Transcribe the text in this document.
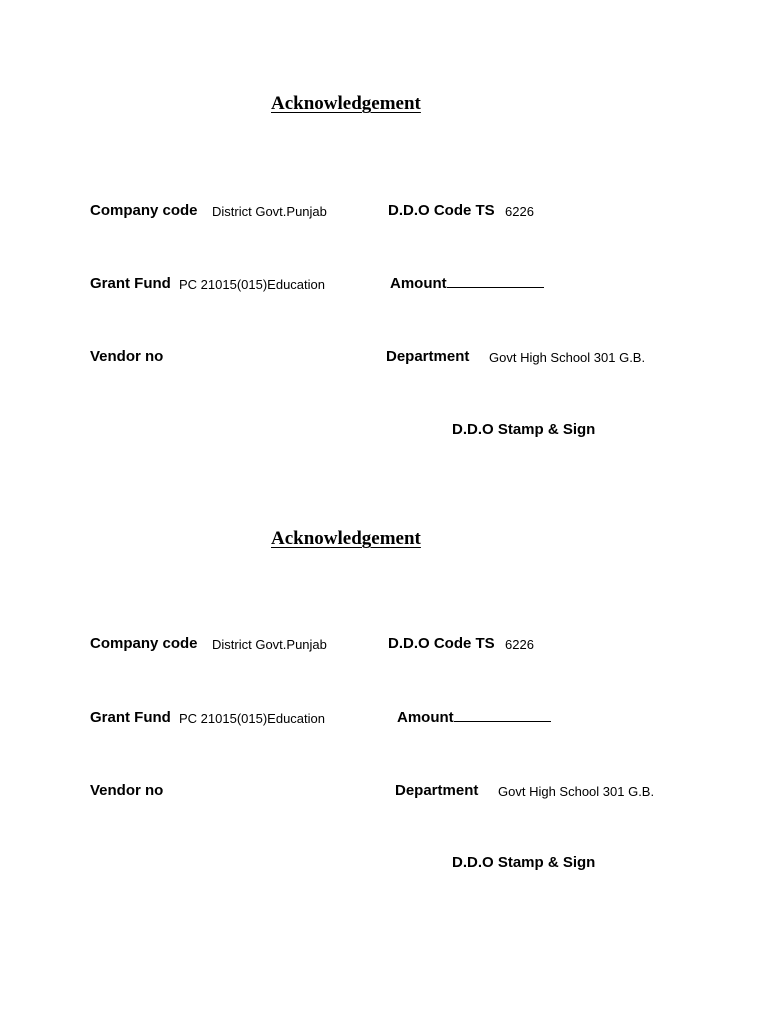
Acknowledgement
Company code District Govt.Punjab	D.D.O Code TS 6226
Grant Fund PC 21015(015)Education	Amount
Vendor no	Department Govt High School 301 G.B.
D.D.O Stamp & Sign
Acknowledgement
Company code District Govt.Punjab	D.D.O Code TS 6226
Grant Fund PC 21015(015)Education	Amount
Vendor no	Department Govt High School 301 G.B.
D.D.O Stamp & Sign
